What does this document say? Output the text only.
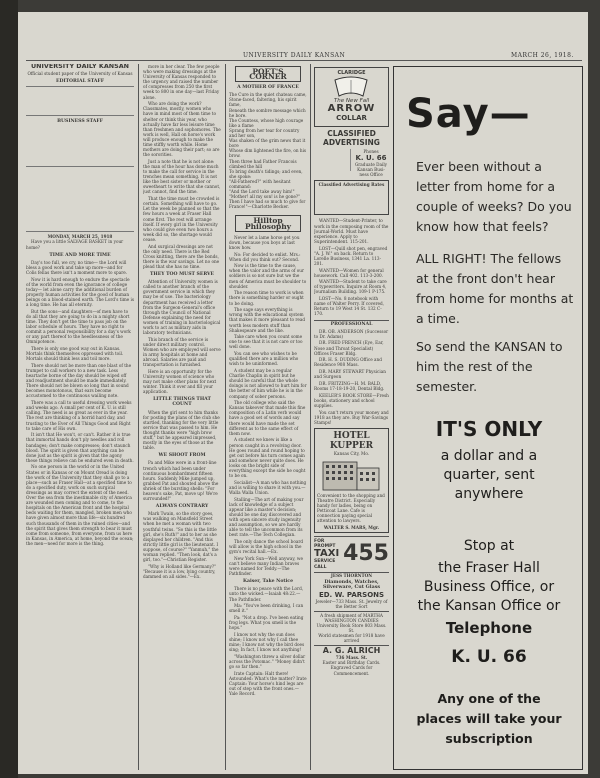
UNIVERSITY DAILY KANSAN	MARCH 26, 1918.
UNIVERSITY DAILY KANSAN
Official student paper of the University of Kansas
EDITORIAL STAFF
BUSINESS STAFF
MONDAY, MARCH 25, 1918

Have you a little SALVAGE BASKET in your home?

TIME AND MORE TIME

Day's too full, we cry, no time— the Lord will bless a good work and take up more—and for Colis fellas there isn't a moment more to spare.

Now it is hard enough to endure the spectacle of the world from even the ignorance of college today— let alone carry the additional burden of properly human activities for the good of human beings on a blood-stained earth. The Lord's time is a long time. He has all eternity.

But the sons—and daughters—of men have to do all that they are going to do in a mighty short time. They don't get the time to pass job on the labor schedule of hours. They have no right to commit a personal responsibility for a day's work or any part thereof to the heedlessness of the Omnipotence.

There is only one good way out in Kansas. Mortals think themselves oppressed with toil. Mortals should think less and toil more.

There should not be more than one blast of the trumpet to call workers to a new task. Less heartache borne of the day should be wiped off and readjustment should be made immediately. There should not be blown so long that in sound becomes monotonous, that ears become accustomed to the continuous wailing note.

There was a call to useful dressing work weeks and weeks ago. A small per cent of K. U. is still calling. The need is as great as ever in the year. The rest are thinking of a horrid hard day, and trusting to the Ever of All Things Good and Right to take care of His own.

It isn't that He won't, or can't. Rather it is true that immortal hands don't ply needles and roll bandages; don't make compresses; don't staunch blood. The spirit is given that anything can be done just as the spirit is given that the agony these things relieve can be endured even in death.

No one person in the world or in the United States or in Kansas or on Mount Oread is doing the work of the University that they shall go to a place—such as Fraser Hall—at a specified time to do a specified duty, work on such surgical dressings as may correct the extent of the need. Over the sea from the inestimable city of America are wounded men coming and to come, to the hospitals on the American front and the hospital beds waiting for them, mangled, broken men who have given almost more than life—six hundred such thousands of them in the ruined cities—and the spirit that gives them strength to bear it must come from someone, from everyone, from us here in Kansas, in America, at home, beyond the ocean; the men—need for more is the thing.

more in her clear. The few people who were making dressings at the University of Kansas responded to the urgency and raised the number of compresses from 250 the first week to 800 in one day—last Friday alone.

Who are doing the work? Classmates, mostly, women who have in mind most of them time to shelter or think this year, who actually have far less leisure time than freshmen and sophomores. The work is well, Hall on horse's work will produce enough to make the time stiffly worth while. Home mothers are doing their part; so are the sororities.

Just a note that he is not alone: the man of the hour has done much to make the call for service in the trenches mean something. It is not like the best sister or mother or sweetheart to write that she cannot, just cannot, find the time.

That the time must be crowded is certain. Something will have to go. Let the week be planned so that the few hours a week at Fraser Hall come first. The rest will arrange itself. If every girl in the University who could give even two hours a week did so, the shortage would cease.

And surgical dressings are not the only need. There is the Red Cross knitting, there are the bonds, there is the war savings. Let no one plead that she has no time.

THEY TOO MUST SERVE

Attention of University women is called to another branch of the government service in which they may be of use. The bacteriology department has received a letter from the Surgeon-General's office through the Council of National Defense explaining the need for women of training in bacteriological work to act as military aids in laboratory technicians.

This branch of the service is under direct military control. Women who are employed will serve in army hospitals at home and abroad. Salaries are paid and transportation is furnished.

Here is an opportunity for the University women of science who may not make other plans for next winter. Think it over and fill your application.

LITTLE THINGS THAT COUNT

When the girl sent to him thanks for posting the plans of the club she startled, thanking for the very little service that was passed to him. He thought thanks were "high brow stuff," but he appeared impressed, mostly in the eyes of those at the table.

WE SHOOT FROM

Pa and Mike were in a front-line trench which had been under continuous bombardment fifteen hours. Suddenly Mike jumped up, grabbed Pat and shouted above the shriek of the bursting shells: "For heaven's sake, Pat, move up! We're surrounded!"

ALWAYS CONTRARY

Mark Twain, so the story goes, was walking on Mansfield Street when he met a woman with two youthful twins. "So this is the little girl, she's Ruth!" and to her as she displayed her children. "And this strictly little girl is the lieutenant. I suppose, of course?" "Yanmuh," the woman replied. "Then look, dat's a girl, too."—Christian Register.

"Why is Holland like Germany?" "Because it is a low, lying country, dammed on all sides."—Ex.

POET'S CORNER
A MOTHER OF FRANCE
The Cure in the quiet chateau came,
Stone-faced, faltering, his spirit fame,
Beneath the sombre message which he bore.
The Countess, whose high courage like a flame
Sprang from her tear for country and her son,
Was shaken of the grim news that it bore
Whose dim lightened the fire, on his brow.
Then three had Father Francois climbed the hill
To bring death's tidings; and even, she spoke:
"All-Fathered?" with hesitant command:
"And the Lord take away him!"
"Mother! all my son! is he gone?"
Then I have had so much to give for France!"—Charlotte Becker.
Hilltop Philosophy

Never let a lame horse get you down, because you boys at last know how.

No: For decided to enlist. Mrs.: When did you think out? Second.

Now is the time to the cause, when the valor and the arms of our soldiers is so not sure but we the men of America must be shoulder to shoulder.

The reason time to work is when there is something harder or ought to be doing.

The sage says everything is wrong with the educational system that makes it more pleasant to read worth less modern stuff than Shakespeare and the like.

Take care when you count some one to see that it is not care or too well done.

You can see who wishes to be qualified there are a million who wish to be uninformed.

A student may be a regular Charlie Chaplin in spirit but he should be careful that the whole doings is not allowed to hurt him for the better of him while he is in the company of sober persons.

The old college who said the Kansas takeover that made this fine composition of a Latin verb would have a good set of words and say there would have made the set different as to the same effect of them now.

A student we knew is like a person caught in a revolving door. He goes round and round hoping to get out before his turn comes again and somehow never quite does. He looks on the bright side of everything except the side he ought to be on.

Socialist—A man who has nothing and is willing to share it with you.—Walla Walla Union.

Stalling—The art of making your lack of knowledge of a subject appear like a master's decision; should be one day discovered and with open sincere study ingenuity and assumption, so we are hardly able to tell the uncommon from its best rate.—The Tech Collegian.

The only dance the school board will allow is the high school in the gym's recital hall.—Ex.

New York Sun—Well anyway, we can't believe many Indian braves were named for Teddy.—The Pathfinder.

Kaiser, Take Notice

There is no peace with the Lord, unto the wicked.—Isaiah 48:22.—The Pathfinder.

Ma: "You've been drinking, I can smell it."

Pa: "Not a drop. I've been eating frog legs. What you smell is the hops."

I know not why the sun does shine; I know not why I call thee mine; I know not why the bird does sing; In fact, I know not anything!

"Washington threw a silver dollar across the Potomac." "Money didn't go so far then."

Irate Captain: Halt there! Astounded: What's the matter? Irate Captain: Your horse's hind legs are out of step with the front ones.—Yale Record.

CLARIDGE
The New Fall
ARROW
COLLAR
CLASSIFIED ADVERTISING
Phones
K. U. 66
Graduate Daily Kansan Busi-ness Office
Classified Advertising Rates

WANTED—Student-Printer, to work in the composing room of the Journal-World. Must have experience. Apply to Superintendent. 115-201.

LOST—Quill shot pen, engraved "A. J. W." on back. Return to Lorelle Business, 1341 La. 113-201.

WANTED—Women for general housework. Call 402. 113-3-200.

WANTED—Student to take care of typewriters. Inquire at Room 4, Journalism Building. 109-1 P-175.

LOST—No. 8 notebook with name of Walter Perry. If covered, Return to 19 West 14 St. 132 C-170.

PROFESSIONAL

DR. OB. ANDERSON (Successor to Dr. Adams)

DR. FRED FRENCH (Eye, Ear, Nose and Throat Specialist) Offices Fraser Bldg.

DR. H. S. DUDING Office and Residence 908 Mass.

DR. MARY STEWART Physician and Surgeon

DR. FRITZING—H. M. BALD, Rooms 17-18-19-20, Dental Bldg.

KEELER'S BOOK STORE—Fresh books, stationery and school supplies.

You can't return your money and 1918 as they are. Buy War-Savings Stamps!

HOTEL
KUPPER
Kansas City, Mo.

Convenient to the shopping and Theatre District. Especially handy for ladies, being on Petticoat Lane. Cafe is connection paying special attention to lawyers.

WALTER S. MARS, Mgr.
FOR PROMPT
TAXI
SERVICE CALL
455
JESS THORNTON
Diamonds, Watches, Silverware, Cut Glass
ED. W. PARSONS
Jeweler—733 Mass. St. Jewelry of the Better Sort
A fresh shipment of MARTHA WASHINGTON CANDIES University Book Store 803 Mass. St.
World statesmen for 1918 have arrived
A. G. ALRICH
736 Mass. St.
Easter and Birthday Cards. Engraved Cards for Commencement.
Say—
Ever been without a letter from home for a couple of weeks? Do you know how that feels?
ALL RIGHT! The fellows at the front don't hear from home for months at a time.
So send the KANSAN to him the rest of the semester.
IT'S ONLY
a dollar and a quarter, sent anywhere
Stop at
the Fraser Hall Business Office, or the Kansan Office or
Telephone
K. U. 66
Any one of the places will take your subscription
